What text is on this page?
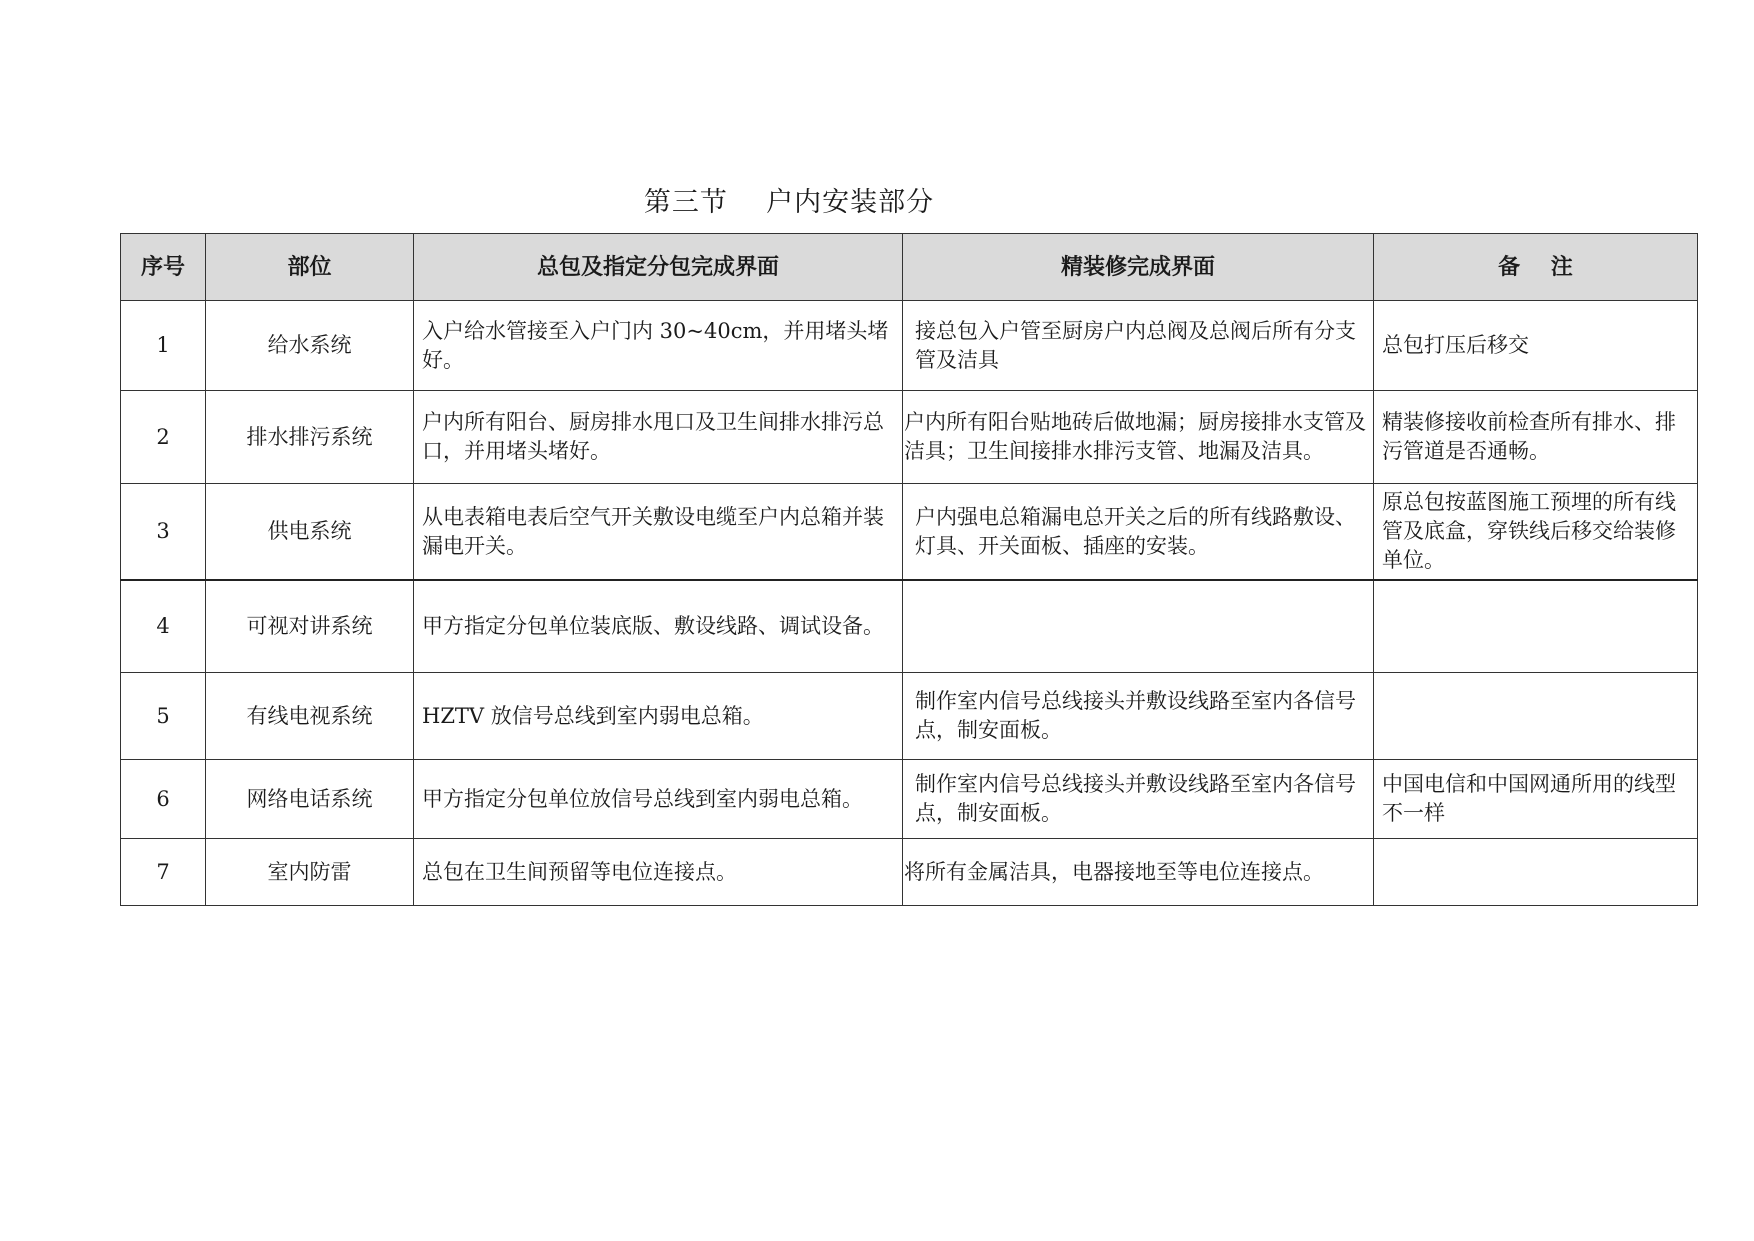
第三节    户内安装部分
序号	部位	总包及指定分包完成界面	精装修完成界面	备    注
1	给水系统	入户给水管接至入户门内 30~40cm，并用堵头堵好。	接总包入户管至厨房户内总阀及总阀后所有分支管及洁具	总包打压后移交
2	排水排污系统	户内所有阳台、厨房排水甩口及卫生间排水排污总口，并用堵头堵好。	户内所有阳台贴地砖后做地漏；厨房接排水支管及洁具；卫生间接排水排污支管、地漏及洁具。	精装修接收前检查所有排水、排污管道是否通畅。
3	供电系统	从电表箱电表后空气开关敷设电缆至户内总箱并装漏电开关。	户内强电总箱漏电总开关之后的所有线路敷设、灯具、开关面板、插座的安装。	原总包按蓝图施工预埋的所有线管及底盒，穿铁线后移交给装修单位。
4	可视对讲系统	甲方指定分包单位装底版、敷设线路、调试设备。		
5	有线电视系统	HZTV 放信号总线到室内弱电总箱。	制作室内信号总线接头并敷设线路至室内各信号点，制安面板。	
6	网络电话系统	甲方指定分包单位放信号总线到室内弱电总箱。	制作室内信号总线接头并敷设线路至室内各信号点，制安面板。	中国电信和中国网通所用的线型不一样
7	室内防雷	总包在卫生间预留等电位连接点。	将所有金属洁具，电器接地至等电位连接点。	
